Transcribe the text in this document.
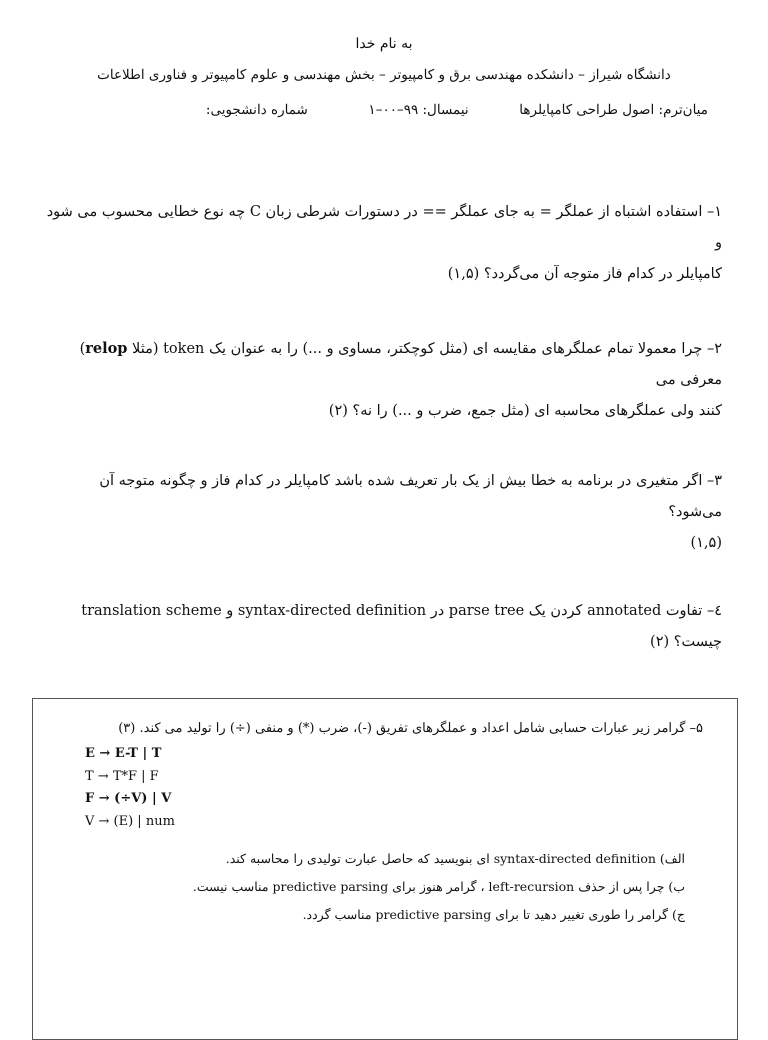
به نام خدا
دانشگاه شیراز – دانشکده مهندسی برق و کامپیوتر – بخش مهندسی و علوم کامپیوتر و فناوری اطلاعات
میان‌ترم: اصول طراحی کامپایلرها  نیمسال: ۹۹–۰۰–۱  شماره دانشجویی:
۱– استفاده اشتباه از عملگر = به جای عملگر == در دستورات شرطی زبان C چه نوع خطایی محسوب می شود و
کامپایلر در کدام فاز متوجه آن می‌گردد؟ (۱,۵)
۲– چرا معمولا تمام عملگرهای مقایسه ای (مثل کوچکتر، مساوی و ...) را به عنوان یک token (مثلا relop) معرفی می
کنند ولی عملگرهای محاسبه ای (مثل جمع، ضرب و ...) را نه؟ (۲)
۳– اگر متغیری در برنامه به خطا بیش از یک بار تعریف شده باشد کامپایلر در کدام فاز و چگونه متوجه آن می‌شود؟
(۱,۵)
٤– تفاوت annotated کردن یک parse tree در syntax-directed definition و translation scheme چیست؟ (۲)
۵– گرامر زیر عبارات حسابی شامل اعداد و عملگرهای تفریق (-)، ضرب (*) و منفی (÷) را تولید می کند. (۳)
E → E-T | T
T → T*F | F
F → (÷V) | V
V → (E) | num
الف) syntax-directed definition ای بنویسید که حاصل عبارت تولیدی را محاسبه کند.
ب) چرا پس از حذف left-recursion ، گرامر هنوز برای predictive parsing مناسب نیست.
ج) گرامر را طوری تغییر دهید تا برای predictive parsing مناسب گردد.
